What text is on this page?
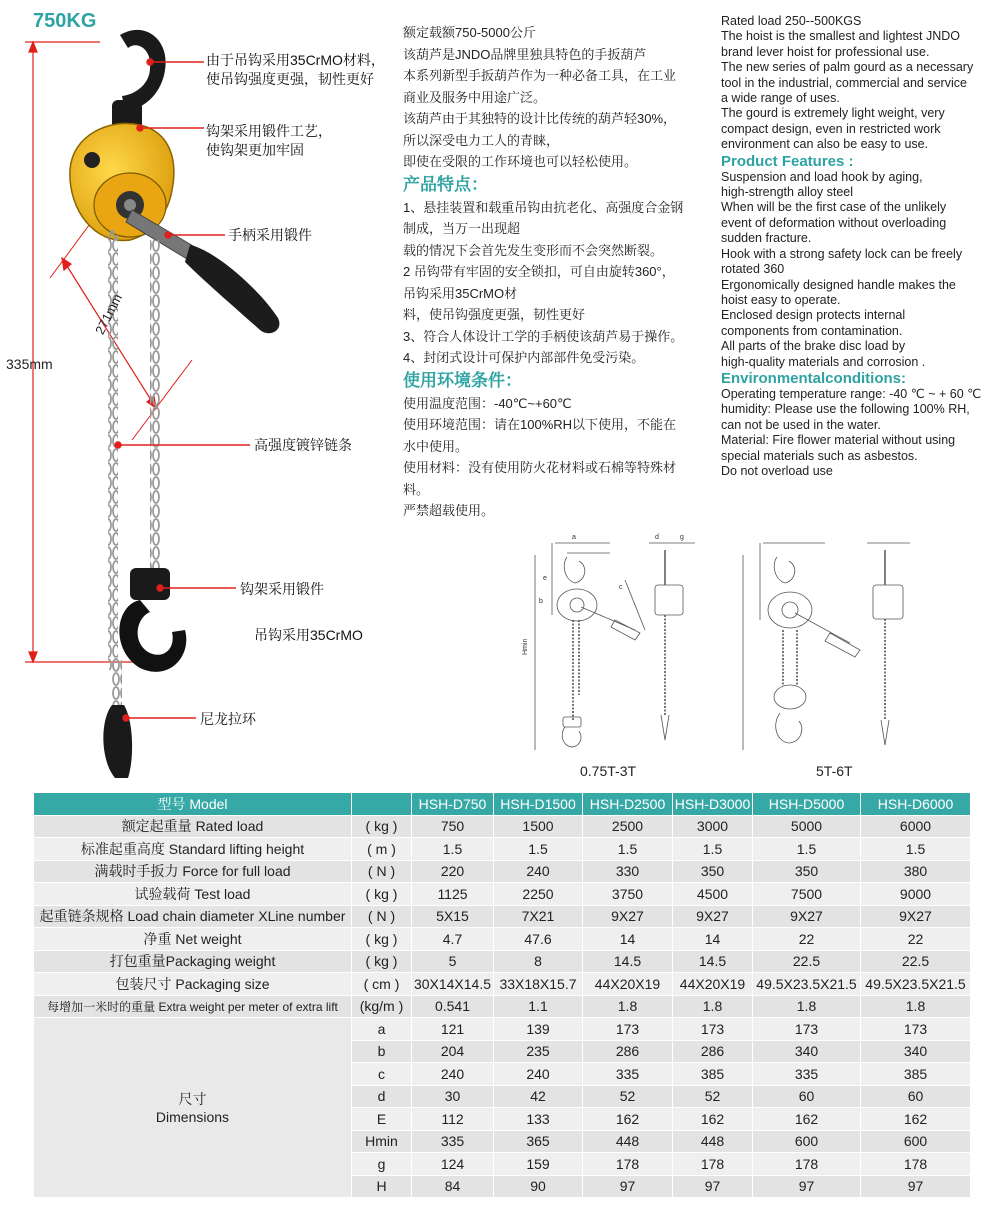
750KG
335mm
271mm
由于吊钩采用35CrMO材料，
使吊钩强度更强，韧性更好
钩架采用锻件工艺，
使钩架更加牢固
手柄采用锻件
高强度镀锌链条
钩架采用锻件
吊钩采用35CrMO
尼龙拉环

额定载额750-5000公斤

该葫芦是JNDO品牌里独具特色的手扳葫芦

本系列新型手扳葫芦作为一种必备工具，在工业

商业及服务中用途广泛。

该葫芦由于其独特的设计比传统的葫芦轻30%，

所以深受电力工人的青睐，

即使在受限的工作环境也可以轻松使用。

产品特点：

1、悬挂装置和载重吊钩由抗老化、高强度合金钢

制成，当万一出现超

载的情况下会首先发生变形而不会突然断裂。

2 吊钩带有牢固的安全锁扣，可自由旋转360°，

吊钩采用35CrMO材

料，使吊钩强度更强，韧性更好

3、符合人体设计工学的手柄使该葫芦易于操作。

4、封闭式设计可保护内部部件免受污染。

使用环境条件：

使用温度范围：-40℃~+60℃

使用环境范围：请在100%RH以下使用，不能在

水中使用。

使用材料：没有使用防火花材料或石棉等特殊材料。

严禁超载使用。

Rated load 250--500KGS

The hoist is the smallest and lightest JNDO

brand lever hoist for professional use.

The new series of palm gourd as a necessary

tool in the industrial, commercial and service

a wide range of uses.

The gourd is extremely light weight, very

compact design, even in restricted work

environment can also be easy to use.

Product Features :

Suspension and load hook by aging,

high-strength alloy steel

When will be the first case of the unlikely

event of deformation without overloading

sudden fracture.

Hook with a strong safety lock can be freely

rotated 360

Ergonomically designed handle makes the

hoist easy to operate.

Enclosed design protects internal

components from contamination.

All parts of the brake disc load by

high-quality materials and corrosion .

Environmentalconditions:

Operating temperature range: -40 ℃ ~ + 60 ℃

humidity: Please use the following 100% RH,

can not be used in the water.

Material: Fire flower material without using

special materials such as asbestos.

Do not overload use

a
e
b
c
Hmin
d	g
0.75T-3T	5T-6T
型号 Model		HSH-D750	HSH-D1500	HSH-D2500	HSH-D3000	HSH-D5000	HSH-D6000
额定起重量 Rated load	( kg )	750	1500	2500	3000	5000	6000
标准起重高度 Standard lifting height	( m )	1.5	1.5	1.5	1.5	1.5	1.5
满载时手扳力 Force for full load	( N )	220	240	330	350	350	380
试验载荷 Test load	( kg )	1125	2250	3750	4500	7500	9000
起重链条规格 Load chain diameter XLine number	( N )	5X15	7X21	9X27	9X27	9X27	9X27
净重 Net weight	( kg )	4.7	47.6	14	14	22	22
打包重量Packaging weight	( kg )	5	8	14.5	14.5	22.5	22.5
包装尺寸 Packaging size	( cm )	30X14X14.5	33X18X15.7	44X20X19	44X20X19	49.5X23.5X21.5	49.5X23.5X21.5
每增加一米时的重量 Extra weight per meter of extra lift	(kg/m )	0.541	1.1	1.8	1.8	1.8	1.8

尺寸
Dimensions	a	121	139	173	173	173	173
	b	204	235	286	286	340	340
	c	240	240	335	385	335	385
	d	30	42	52	52	60	60
	E	112	133	162	162	162	162
	Hmin	335	365	448	448	600	600
	g	124	159	178	178	178	178
	H	84	90	97	97	97	97
